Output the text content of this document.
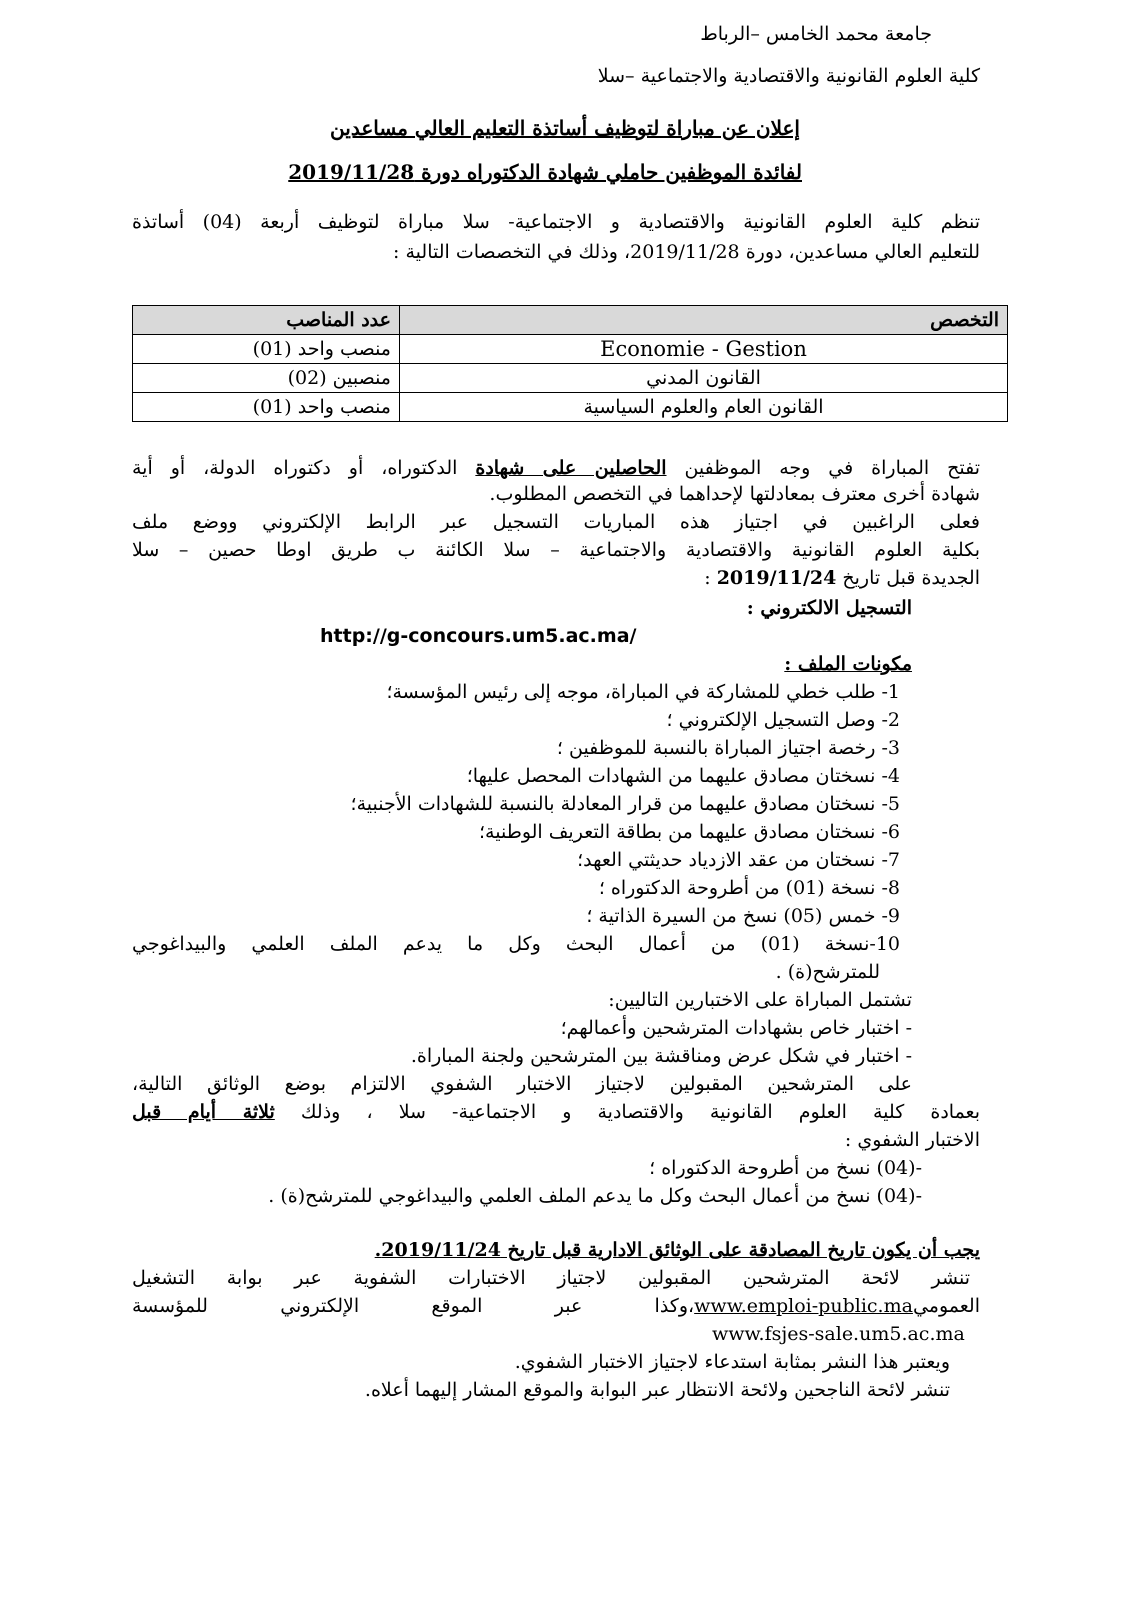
جامعة محمد الخامس –الرباط
كلية العلوم القانونية والاقتصادية والاجتماعية –سلا
إعلان عن مباراة لتوظيف أساتذة التعليم العالي مساعدين
لفائدة الموظفين حاملي شهادة الدكتوراه دورة 2019/11/28
تنظم كلية العلوم القانونية والاقتصادية و الاجتماعية- سلا مباراة لتوظيف أربعة (04) أساتذة
للتعليم العالي مساعدين، دورة 2019/11/28، وذلك في التخصصات التالية :
التخصص	عدد المناصب
Economie - Gestion	منصب واحد (01)
القانون المدني	منصبين (02)
القانون العام والعلوم السياسية	منصب واحد (01)
تفتح المباراة في وجه الموظفين الحاصلين على شهادة الدكتوراه، أو دكتوراه الدولة، أو أية
شهادة أخرى معترف بمعادلتها لإحداهما في التخصص المطلوب.
فعلى الراغبين في اجتياز هذه المباريات التسجيل عبر الرابط الإلكتروني ووضع ملف
بكلية العلوم القانونية والاقتصادية والاجتماعية – سلا الكائنة ب طريق اوطا حصين – سلا
الجديدة قبل تاريخ 2019/11/24 :
التسجيل الالكتروني :
http://g-concours.um5.ac.ma/
مكونات الملف :
1- طلب خطي للمشاركة في المباراة، موجه إلى رئيس المؤسسة؛
2- وصل التسجيل الإلكتروني ؛
3- رخصة اجتياز المباراة بالنسبة للموظفين ؛
4- نسختان مصادق عليهما من الشهادات المحصل عليها؛
5- نسختان مصادق عليهما من قرار المعادلة بالنسبة للشهادات الأجنبية؛
6- نسختان مصادق عليهما من بطاقة التعريف الوطنية؛
7- نسختان من عقد الازدياد حديثتي العهد؛
8- نسخة (01) من أطروحة الدكتوراه ؛
9- خمس (05) نسخ من السيرة الذاتية ؛
10-نسخة (01) من أعمال البحث وكل ما يدعم الملف العلمي والبيداغوجي
للمترشح(ة) .
تشتمل المباراة على الاختبارين التاليين:
- اختبار خاص بشهادات المترشحين وأعمالهم؛
- اختبار في شكل عرض ومناقشة بين المترشحين ولجنة المباراة.
على المترشحين المقبولين لاجتياز الاختبار الشفوي الالتزام بوضع الوثائق التالية،
بعمادة كلية العلوم القانونية والاقتصادية و الاجتماعية- سلا ، وذلك ثلاثة أيام قبل
الاختبار الشفوي :
-(04) نسخ من أطروحة الدكتوراه ؛
-(04) نسخ من أعمال البحث وكل ما يدعم الملف العلمي والبيداغوجي للمترشح(ة) .
يجب أن يكون تاريخ المصادقة على الوثائق الادارية قبل تاريخ 2019/11/24.
تنشر لائحة المترشحين المقبولين لاجتياز الاختبارات الشفوية عبر بوابة التشغيل
العموميwww.emploi-public.ma،وكذا عبر الموقع الإلكتروني للمؤسسة
www.fsjes-sale.um5.ac.ma
ويعتبر هذا النشر بمثابة استدعاء لاجتياز الاختبار الشفوي.
تنشر لائحة الناجحين ولائحة الانتظار عبر البوابة والموقع المشار إليهما أعلاه.
